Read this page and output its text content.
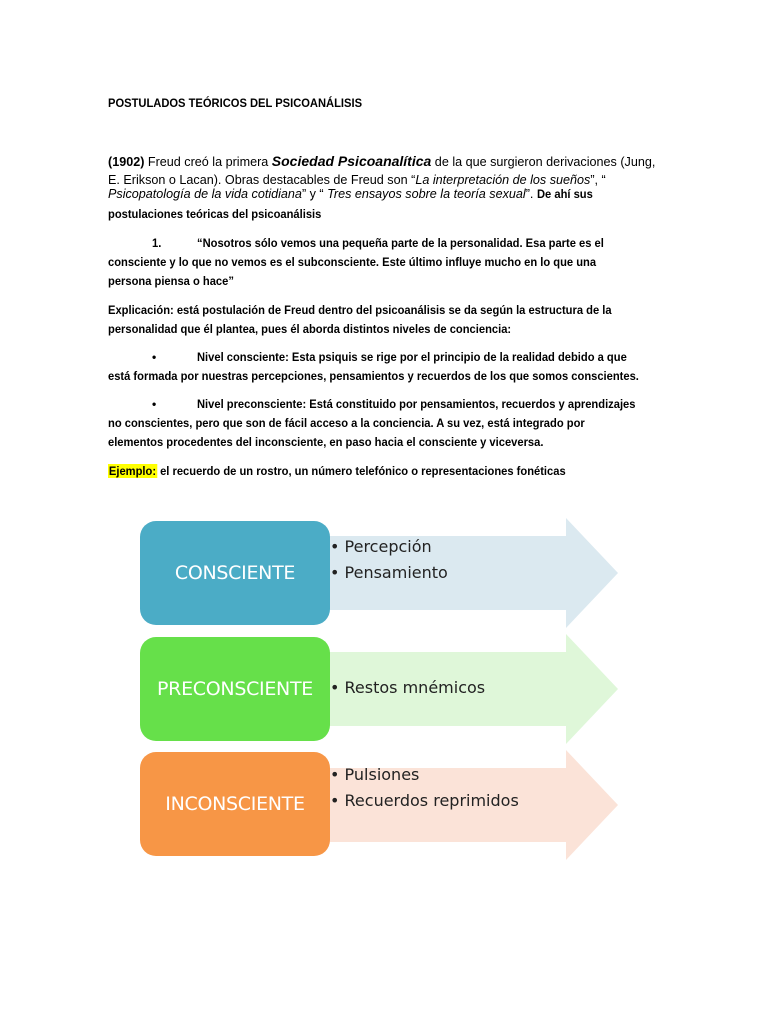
POSTULADOS TEÓRICOS DEL PSICOANÁLISIS
(1902) Freud creó la primera Sociedad Psicoanalítica de la que surgieron derivaciones (Jung,
E. Erikson o Lacan). Obras destacables de Freud son “La interpretación de los sueños”, “
Psicopatología de la vida cotidiana” y “ Tres ensayos sobre la teoría sexual”. De ahí sus
postulaciones teóricas del psicoanálisis
1.	“Nosotros sólo vemos una pequeña parte de la personalidad. Esa parte es el
consciente y lo que no vemos es el subconsciente. Este último influye mucho en lo que una
persona piensa o hace”
Explicación: está postulación de Freud dentro del psicoanálisis se da según la estructura de la
personalidad que él plantea, pues él aborda distintos niveles de conciencia:
•	Nivel consciente: Esta psiquis se rige por el principio de la realidad debido a que
está formada por nuestras percepciones, pensamientos y recuerdos de los que somos conscientes.
•	Nivel preconsciente: Está constituido por pensamientos, recuerdos y aprendizajes
no conscientes, pero que son de fácil acceso a la conciencia. A su vez, está integrado por
elementos procedentes del inconsciente, en paso hacia el consciente y viceversa.
Ejemplo: el recuerdo de un rostro, un número telefónico o representaciones fonéticas
CONSCIENTE
• Percepción
• Pensamiento
PRECONSCIENTE • Restos mnémicos
INCONSCIENTE
• Pulsiones
• Recuerdos reprimidos
